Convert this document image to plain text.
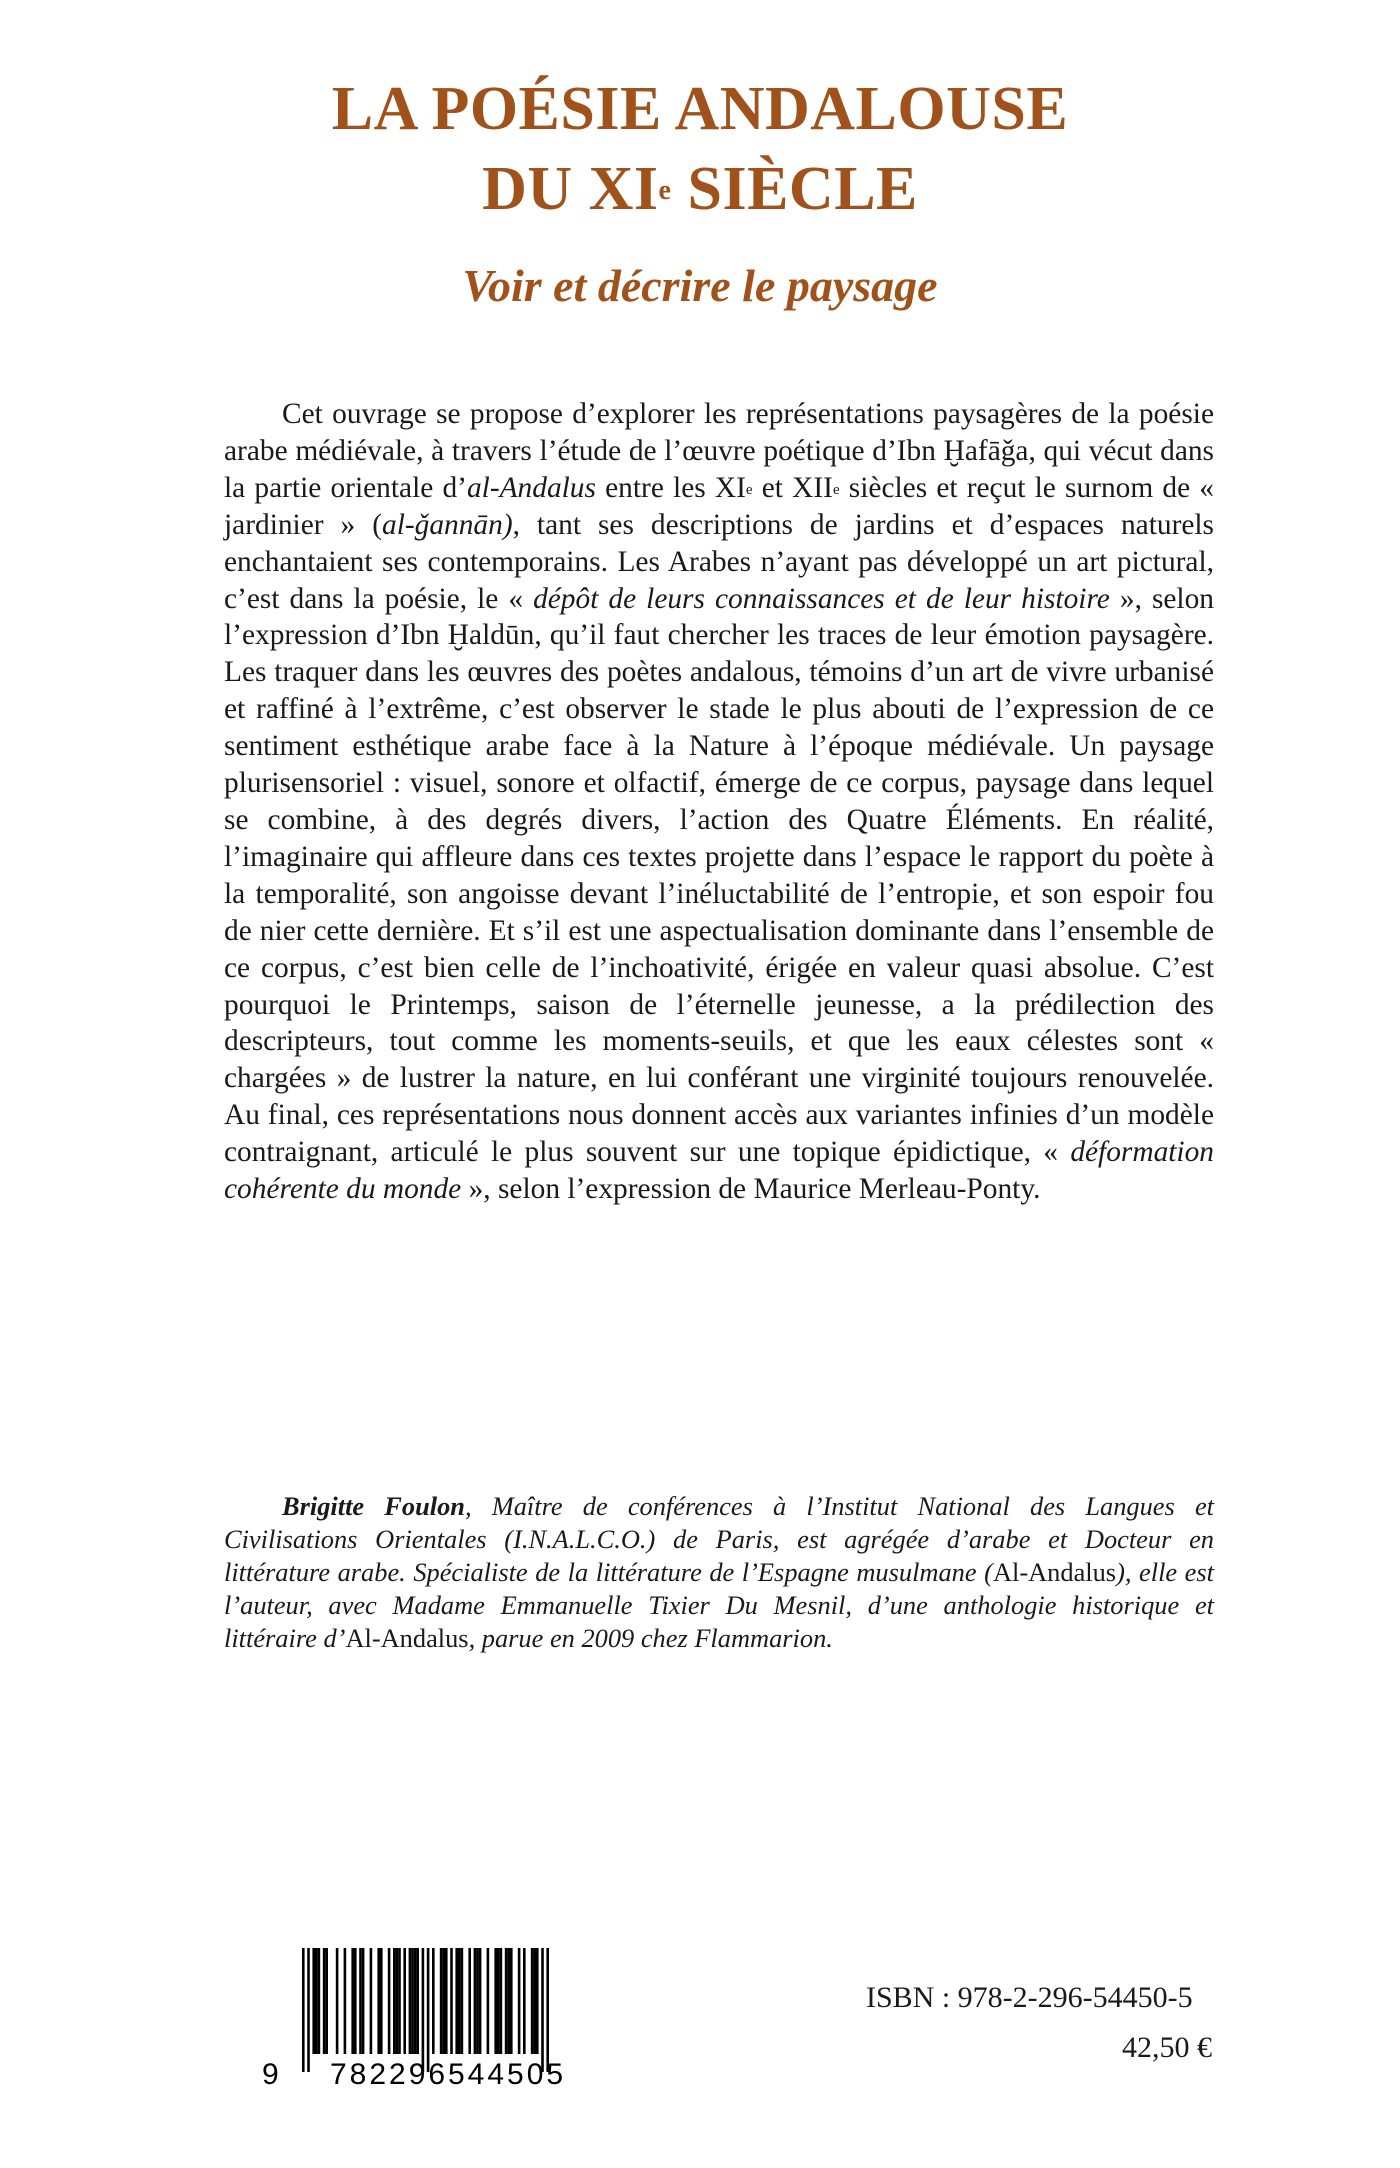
LA POÉSIE ANDALOUSE
DU XIe SIÈCLE
Voir et décrire le paysage

Cet ouvrage se propose d’explorer les représentations paysagères de la poésie arabe médiévale, à travers l’étude de l’œuvre poétique d’Ibn Ḫafāǧa, qui vécut dans la partie orientale d’al-Andalus entre les XIe et XIIe siècles et reçut le surnom de « jardinier » (al-ǧannān), tant ses descriptions de jardins et d’espaces naturels enchantaient ses contemporains. Les Arabes n’ayant pas développé un art pictural, c’est dans la poésie, le « dépôt de leurs connaissances et de leur histoire », selon l’expression d’Ibn Ḫaldūn, qu’il faut chercher les traces de leur émotion paysagère. Les traquer dans les œuvres des poètes andalous, témoins d’un art de vivre urbanisé et raffiné à l’extrême, c’est observer le stade le plus abouti de l’expression de ce sentiment esthétique arabe face à la Nature à l’époque médiévale. Un paysage plurisensoriel : visuel, sonore et olfactif, émerge de ce corpus, paysage dans lequel se combine, à des degrés divers, l’action des Quatre Éléments. En réalité, l’imaginaire qui affleure dans ces textes projette dans l’espace le rapport du poète à la temporalité, son angoisse devant l’inéluctabilité de l’entropie, et son espoir fou de nier cette dernière. Et s’il est une aspectualisation dominante dans l’ensemble de ce corpus, c’est bien celle de l’inchoativité, érigée en valeur quasi absolue. C’est pourquoi le Printemps, saison de l’éternelle jeunesse, a la prédilection des descripteurs, tout comme les moments-seuils, et que les eaux célestes sont « chargées » de lustrer la nature, en lui conférant une virginité toujours renouvelée. Au final, ces représentations nous donnent accès aux variantes infinies d’un modèle contraignant, articulé le plus souvent sur une topique épidictique, « déformation cohérente du monde », selon l’expression de Maurice Merleau-Ponty.

Brigitte Foulon, Maître de conférences à l’Institut National des Langues et Civilisations Orientales (I.N.A.L.C.O.) de Paris, est agrégée d’arabe et Docteur en littérature arabe. Spécialiste de la littérature de l’Espagne musulmane (Al-Andalus), elle est l’auteur, avec Madame Emmanuelle Tixier Du Mesnil, d’une anthologie historique et littéraire d’Al-Andalus, parue en 2009 chez Flammarion.

9 782296 544505
ISBN : 978-2-296-54450-5
42,50 €
